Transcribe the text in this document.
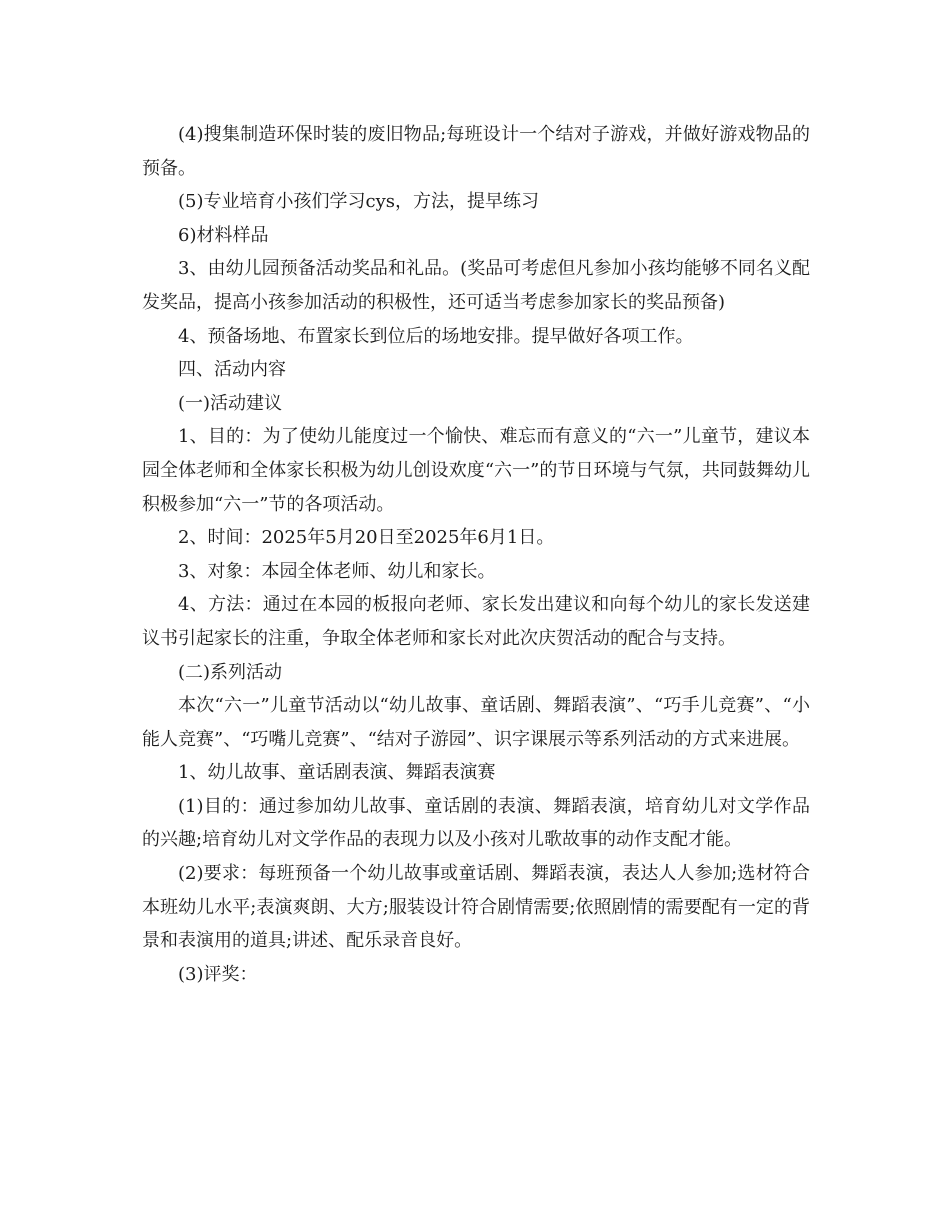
(4)搜集制造环保时装的废旧物品;每班设计一个结对子游戏，并做好游戏物品的预备。

(5)专业培育小孩们学习cys，方法，提早练习

6)材料样品

3、由幼儿园预备活动奖品和礼品。(奖品可考虑但凡参加小孩均能够不同名义配发奖品，提高小孩参加活动的积极性，还可适当考虑参加家长的奖品预备)

4、预备场地、布置家长到位后的场地安排。提早做好各项工作。

四、活动内容

(一)活动建议

1、目的：为了使幼儿能度过一个愉快、难忘而有意义的“六一”儿童节，建议本园全体老师和全体家长积极为幼儿创设欢度“六一”的节日环境与气氛，共同鼓舞幼儿积极参加“六一”节的各项活动。

2、时间：2025年5月20日至2025年6月1日。

3、对象：本园全体老师、幼儿和家长。

4、方法：通过在本园的板报向老师、家长发出建议和向每个幼儿的家长发送建议书引起家长的注重，争取全体老师和家长对此次庆贺活动的配合与支持。

(二)系列活动

本次“六一”儿童节活动以“幼儿故事、童话剧、舞蹈表演”、“巧手儿竞赛”、“小能人竞赛”、“巧嘴儿竞赛”、“结对子游园”、识字课展示等系列活动的方式来进展。

1、幼儿故事、童话剧表演、舞蹈表演赛

(1)目的：通过参加幼儿故事、童话剧的表演、舞蹈表演，培育幼儿对文学作品的兴趣;培育幼儿对文学作品的表现力以及小孩对儿歌故事的动作支配才能。

(2)要求：每班预备一个幼儿故事或童话剧、舞蹈表演，表达人人参加;选材符合本班幼儿水平;表演爽朗、大方;服装设计符合剧情需要;依照剧情的需要配有一定的背景和表演用的道具;讲述、配乐录音良好。

(3)评奖：
